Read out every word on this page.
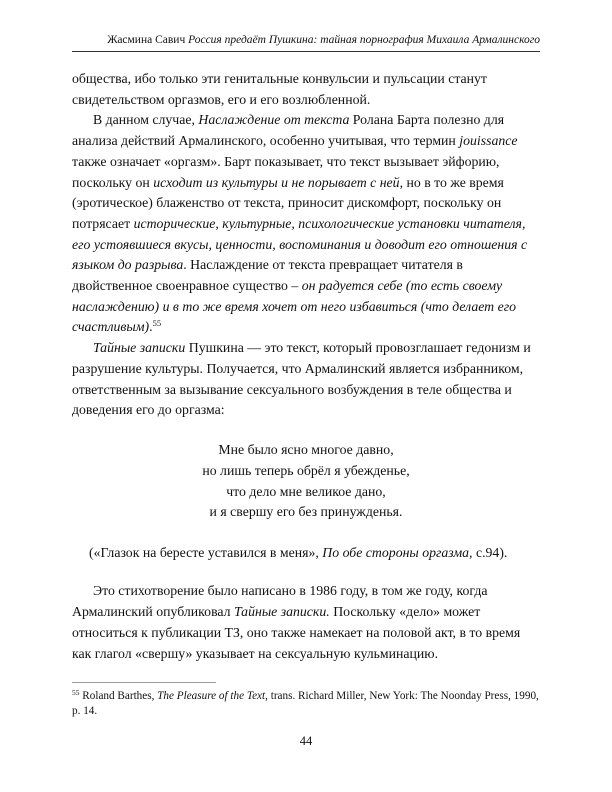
Жасмина Савич Россия предаёт Пушкина: тайная порнография Михаила Армалинского

общества, ибо только эти генитальные конвульсии и пульсации станут свидетельством оргазмов, его и его возлюбленной.

В данном случае, Наслаждение от текста Ролана Барта полезно для анализа действий Армалинского, особенно учитывая, что термин jouissance также означает «оргазм». Барт показывает, что текст вызывает эйфорию, поскольку он исходит из культуры и не порывает с ней, но в то же время (эротическое) блаженство от текста, приносит дискомфорт, поскольку он потрясает исторические, культурные, психологические установки читателя, его устоявшиеся вкусы, ценности, воспоминания и доводит его отношения с языком до разрыва. Наслаждение от текста превращает читателя в двойственное своенравное существо – он радуется себе (то есть своему наслаждению) и в то же время хочет от него избавиться (что делает его счастливым).$^{55}$

Тайные записки Пушкина — это текст, который провозглашает гедонизм и разрушение культуры. Получается, что Армалинский является избранником, ответственным за вызывание сексуального возбуждения в теле общества и доведения его до оргазма:

Мне было ясно многое давно,
но лишь теперь обрёл я убежденье,
что дело мне великое дано,
и я свершу его без принужденья.
(«Глазок на бересте уставился в меня», По обе стороны оргазма, с.94).
Это стихотворение было написано в 1986 году, в том же году, когда Армалинский опубликовал Тайные записки. Поскольку «дело» может относиться к публикации ТЗ, оно также намекает на половой акт, в то время как глагол «свершу» указывает на сексуальную кульминацию.
$^{55}$ Roland Barthes, The Pleasure of the Text, trans. Richard Miller, New York: The Noonday Press, 1990, p. 14.
44
